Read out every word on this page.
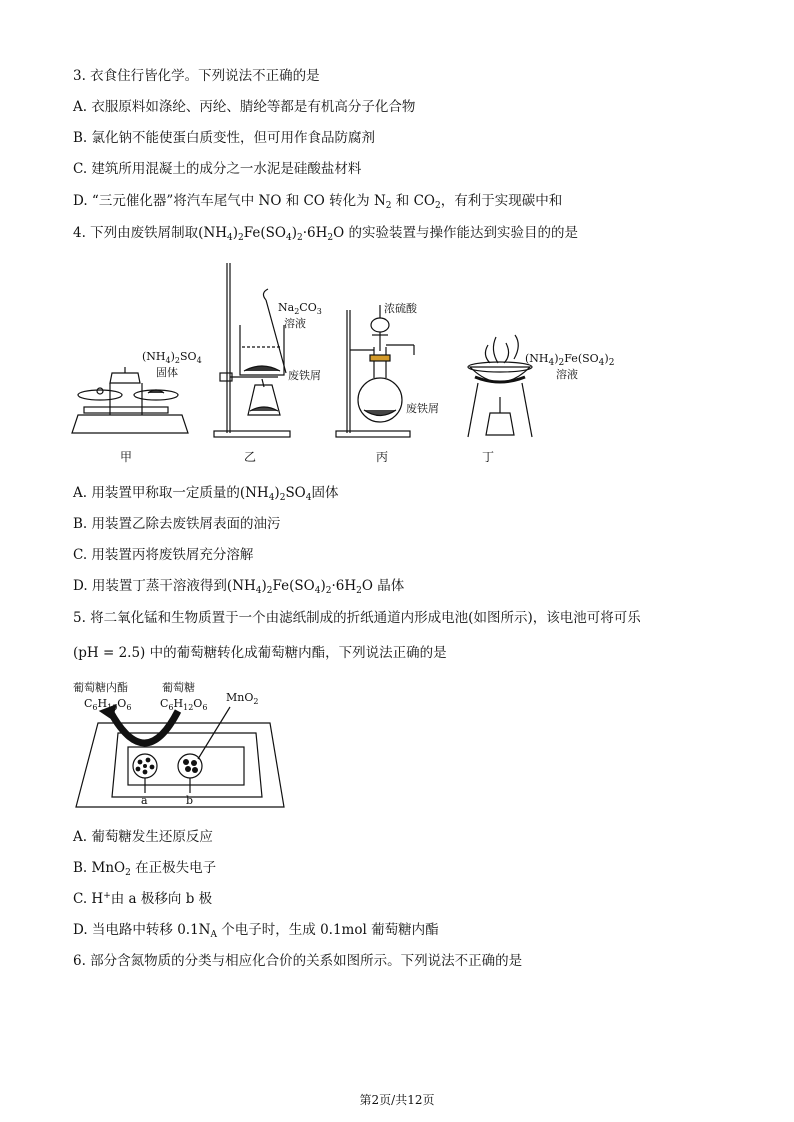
3. 衣食住行皆化学。下列说法不正确的是
A. 衣服原料如涤纶、丙纶、腈纶等都是有机高分子化合物
B. 氯化钠不能使蛋白质变性，但可用作食品防腐剂
C. 建筑所用混凝土的成分之一水泥是硅酸盐材料
D. “三元催化器”将汽车尾气中 NO 和 CO 转化为 $N_2$ 和 $CO_2$，有利于实现碳中和
4. 下列由废铁屑制取$(NH_4)_2Fe(SO_4)_2\cdot 6H_2O$ 的实验装置与操作能达到实验目的的是
$(NH_4)_2SO_4$
固体
$Na_2CO_3$
溶液
废铁屑
浓硫酸
废铁屑
甲	乙	丙	丁
$(NH_4)_2Fe(SO_4)_2$
溶液
A. 用装置甲称取一定质量的$(NH_4)_2SO_4$固体
B. 用装置乙除去废铁屑表面的油污
C. 用装置丙将废铁屑充分溶解
D. 用装置丁蒸干溶液得到$(NH_4)_2Fe(SO_4)_2\cdot 6H_2O$ 晶体
5. 将二氧化锰和生物质置于一个由滤纸制成的折纸通道内形成电池(如图所示)，该电池可将可乐
(pH = 2.5) 中的葡萄糖转化成葡萄糖内酯，下列说法正确的是
葡萄糖内酯	葡萄糖
$C_6H_{10}O_6$	$C_6H_{12}O_6$
MnO$_2$
a	b
A. 葡萄糖发生还原反应
B. MnO$_2$ 在正极失电子
C. H+由 a 极移向 b 极
D. 当电路中转移 $0.1N_A$ 个电子时，生成 0.1mol 葡萄糖内酯
6. 部分含氮物质的分类与相应化合价的关系如图所示。下列说法不正确的是
第2页/共12页
